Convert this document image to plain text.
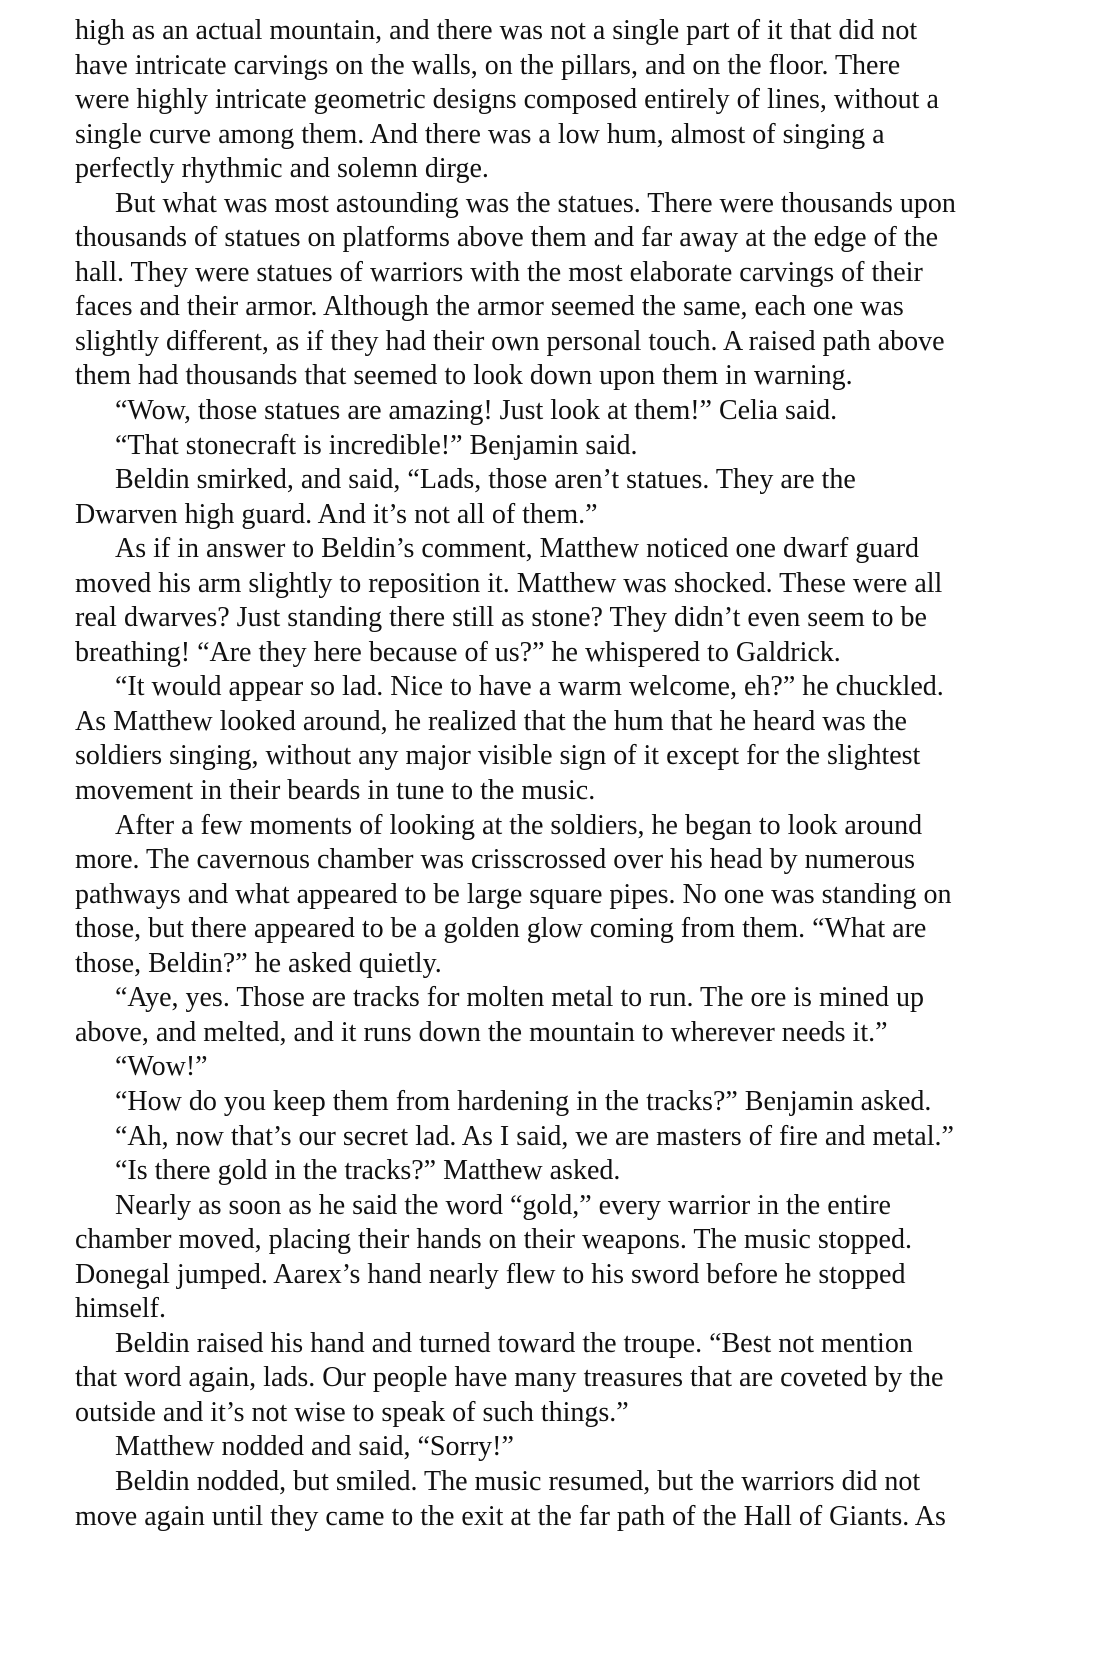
high as an actual mountain, and there was not a single part of it that did not
have intricate carvings on the walls, on the pillars, and on the floor. There
were highly intricate geometric designs composed entirely of lines, without a
single curve among them. And there was a low hum, almost of singing a
perfectly rhythmic and solemn dirge.
But what was most astounding was the statues. There were thousands upon
thousands of statues on platforms above them and far away at the edge of the
hall. They were statues of warriors with the most elaborate carvings of their
faces and their armor. Although the armor seemed the same, each one was
slightly different, as if they had their own personal touch. A raised path above
them had thousands that seemed to look down upon them in warning.
“Wow, those statues are amazing! Just look at them!” Celia said.
“That stonecraft is incredible!” Benjamin said.
Beldin smirked, and said, “Lads, those aren’t statues. They are the
Dwarven high guard. And it’s not all of them.”
As if in answer to Beldin’s comment, Matthew noticed one dwarf guard
moved his arm slightly to reposition it. Matthew was shocked. These were all
real dwarves? Just standing there still as stone? They didn’t even seem to be
breathing! “Are they here because of us?” he whispered to Galdrick.
“It would appear so lad. Nice to have a warm welcome, eh?” he chuckled.
As Matthew looked around, he realized that the hum that he heard was the
soldiers singing, without any major visible sign of it except for the slightest
movement in their beards in tune to the music.
After a few moments of looking at the soldiers, he began to look around
more. The cavernous chamber was crisscrossed over his head by numerous
pathways and what appeared to be large square pipes. No one was standing on
those, but there appeared to be a golden glow coming from them. “What are
those, Beldin?” he asked quietly.
“Aye, yes. Those are tracks for molten metal to run. The ore is mined up
above, and melted, and it runs down the mountain to wherever needs it.”
“Wow!”
“How do you keep them from hardening in the tracks?” Benjamin asked.
“Ah, now that’s our secret lad. As I said, we are masters of fire and metal.”
“Is there gold in the tracks?” Matthew asked.
Nearly as soon as he said the word “gold,” every warrior in the entire
chamber moved, placing their hands on their weapons. The music stopped.
Donegal jumped. Aarex’s hand nearly flew to his sword before he stopped
himself.
Beldin raised his hand and turned toward the troupe. “Best not mention
that word again, lads. Our people have many treasures that are coveted by the
outside and it’s not wise to speak of such things.”
Matthew nodded and said, “Sorry!”
Beldin nodded, but smiled. The music resumed, but the warriors did not
move again until they came to the exit at the far path of the Hall of Giants. As
